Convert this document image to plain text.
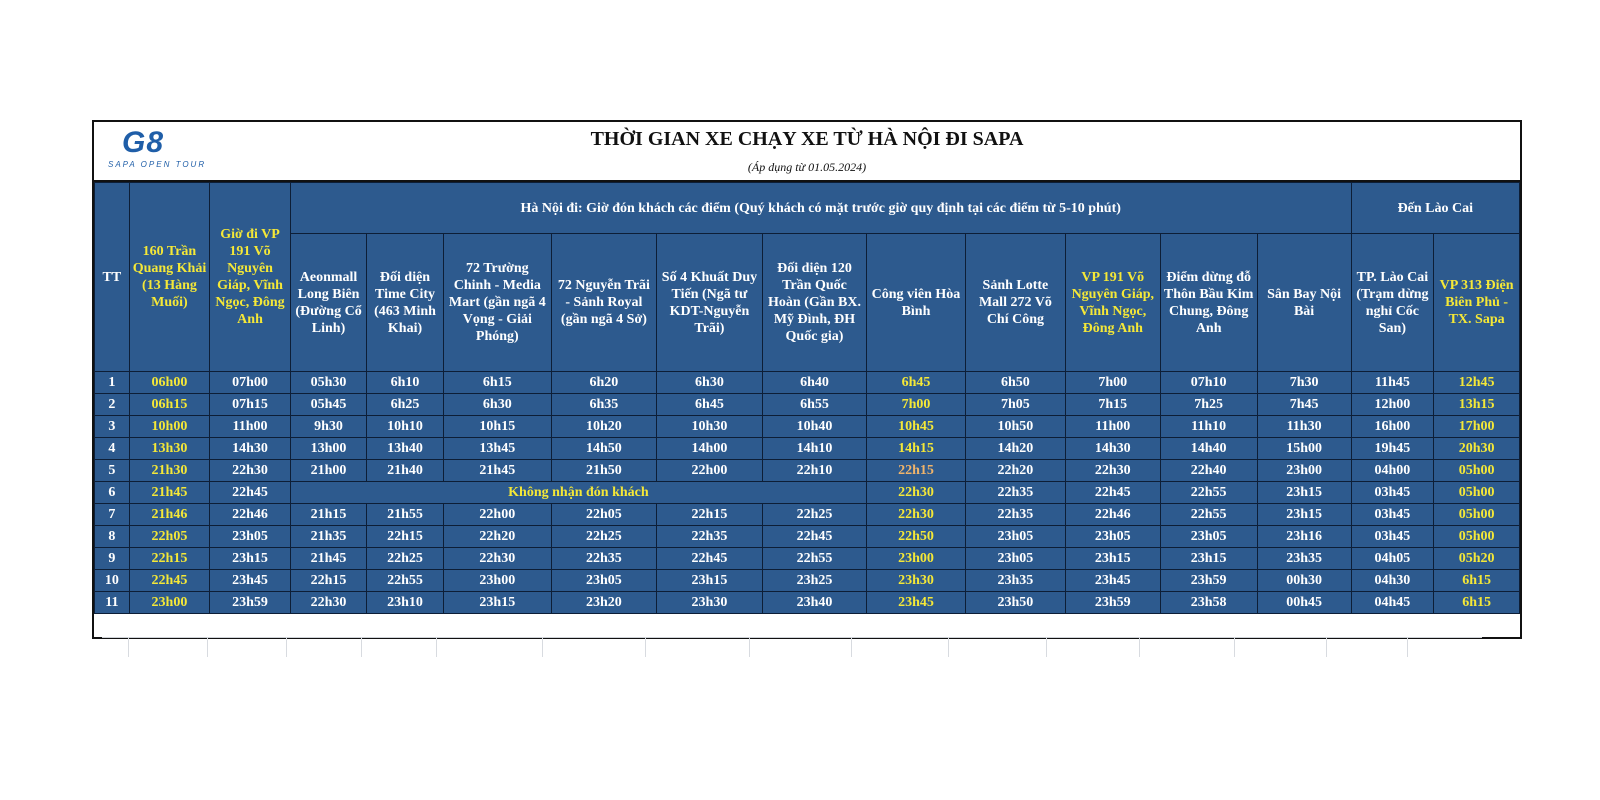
G8
SAPA OPEN TOUR
THỜI GIAN XE CHẠY XE TỪ HÀ NỘI ĐI SAPA
(Áp dụng từ 01.05.2024)
TT	160 Trần Quang Khải (13 Hàng Muối)	Giờ đi VP 191 Võ Nguyên Giáp, Vĩnh Ngọc, Đông Anh	Hà Nội đi: Giờ đón khách các điểm (Quý khách có mặt trước giờ quy định tại các điểm từ 5-10 phút)											Đến Lào Cai	
			Aeonmall Long Biên (Đường Cổ Linh)	Đối diện Time City (463 Minh Khai)	72 Trường Chinh - Media Mart (gần ngã 4 Vọng - Giải Phóng)	72 Nguyễn Trãi - Sảnh Royal (gần ngã 4 Sở)	Số 4 Khuất Duy Tiến (Ngã tư KDT-Nguyễn Trãi)	Đối diện 120 Trần Quốc Hoàn (Gần BX. Mỹ Đình, ĐH Quốc gia)	Công viên Hòa Bình	Sảnh Lotte Mall 272 Võ Chí Công	VP 191 Võ Nguyên Giáp, Vĩnh Ngọc, Đông Anh	Điểm dừng đỗ Thôn Bầu Kim Chung, Đông Anh	Sân Bay Nội Bài	TP. Lào Cai (Trạm dừng nghỉ Cốc San)	VP 313 Điện Biên Phủ - TX. Sapa
1	06h00	07h00	05h30	6h10	6h15	6h20	6h30	6h40	6h45	6h50	7h00	07h10	7h30	11h45	12h45
2	06h15	07h15	05h45	6h25	6h30	6h35	6h45	6h55	7h00	7h05	7h15	7h25	7h45	12h00	13h15
3	10h00	11h00	9h30	10h10	10h15	10h20	10h30	10h40	10h45	10h50	11h00	11h10	11h30	16h00	17h00
4	13h30	14h30	13h00	13h40	13h45	14h50	14h00	14h10	14h15	14h20	14h30	14h40	15h00	19h45	20h30
5	21h30	22h30	21h00	21h40	21h45	21h50	22h00	22h10	22h15	22h20	22h30	22h40	23h00	04h00	05h00
6	21h45	22h45	Không nhận đón khách						22h30	22h35	22h45	22h55	23h15	03h45	05h00
7	21h46	22h46	21h15	21h55	22h00	22h05	22h15	22h25	22h30	22h35	22h46	22h55	23h15	03h45	05h00
8	22h05	23h05	21h35	22h15	22h20	22h25	22h35	22h45	22h50	23h05	23h05	23h05	23h16	03h45	05h00
9	22h15	23h15	21h45	22h25	22h30	22h35	22h45	22h55	23h00	23h05	23h15	23h15	23h35	04h05	05h20
10	22h45	23h45	22h15	22h55	23h00	23h05	23h15	23h25	23h30	23h35	23h45	23h59	00h30	04h30	6h15
11	23h00	23h59	22h30	23h10	23h15	23h20	23h30	23h40	23h45	23h50	23h59	23h58	00h45	04h45	6h15
